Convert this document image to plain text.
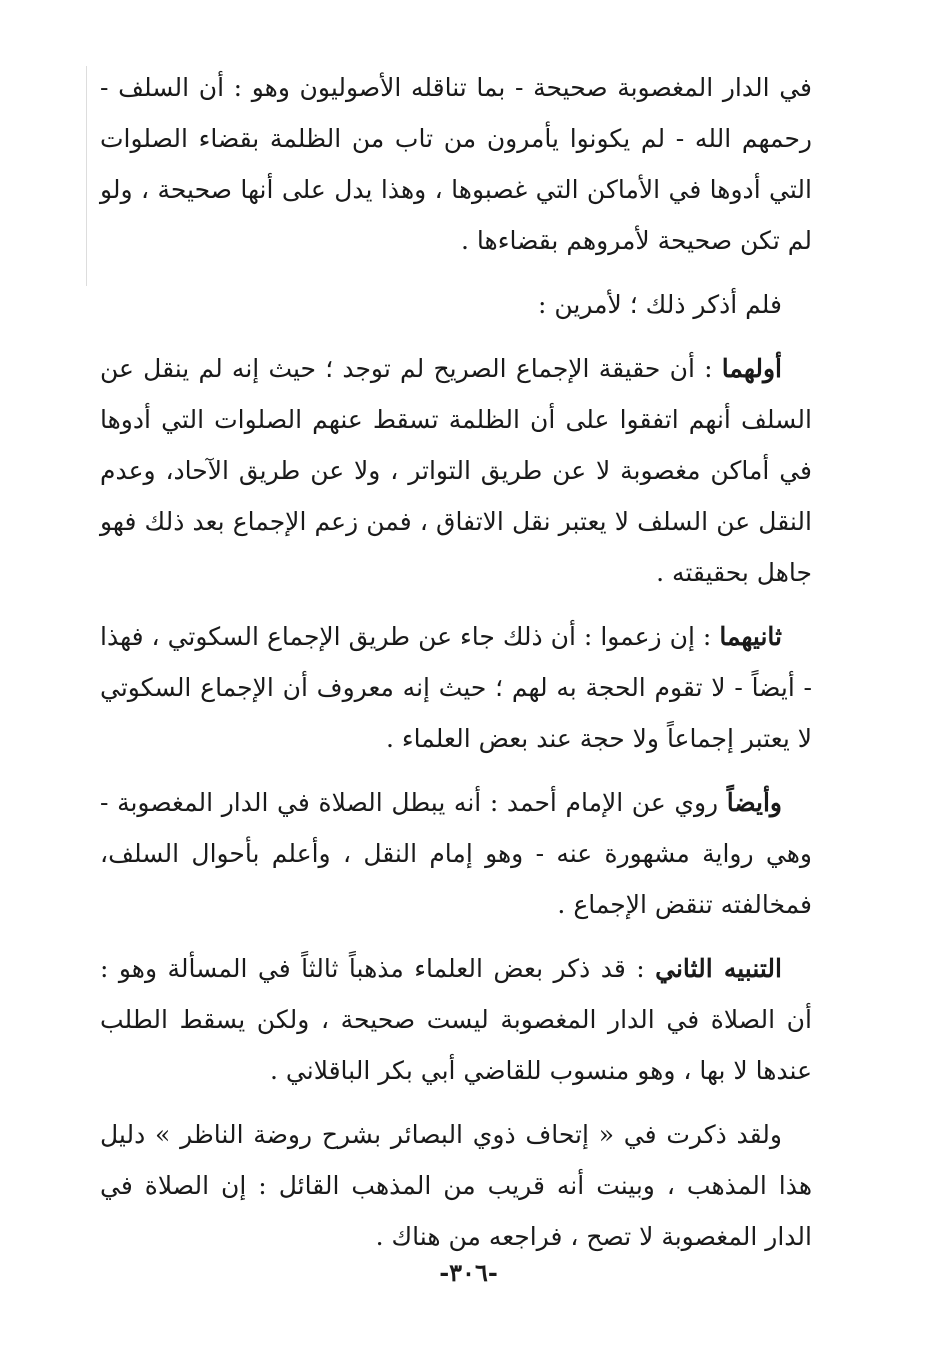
في الدار المغصوبة صحيحة - بما تناقله الأصوليون وهو : أن السلف - رحمهم الله - لم يكونوا يأمرون من تاب من الظلمة بقضاء الصلوات التي أدوها في الأماكن التي غصبوها ، وهذا يدل على أنها صحيحة ، ولو لم تكن صحيحة لأمروهم بقضاءها .

فلم أذكر ذلك ؛ لأمرين :

أولهما : أن حقيقة الإجماع الصريح لم توجد ؛ حيث إنه لم ينقل عن السلف أنهم اتفقوا على أن الظلمة تسقط عنهم الصلوات التي أدوها في أماكن مغصوبة لا عن طريق التواتر ، ولا عن طريق الآحاد، وعدم النقل عن السلف لا يعتبر نقل الاتفاق ، فمن زعم الإجماع بعد ذلك فهو جاهل بحقيقته .

ثانيهما : إن زعموا : أن ذلك جاء عن طريق الإجماع السكوتي ، فهذا - أيضاً - لا تقوم الحجة به لهم ؛ حيث إنه معروف أن الإجماع السكوتي لا يعتبر إجماعاً ولا حجة عند بعض العلماء .

وأيضاً روي عن الإمام أحمد : أنه يبطل الصلاة في الدار المغصوبة - وهي رواية مشهورة عنه - وهو إمام النقل ، وأعلم بأحوال السلف، فمخالفته تنقض الإجماع .

التنبيه الثاني : قد ذكر بعض العلماء مذهباً ثالثاً في المسألة وهو : أن الصلاة في الدار المغصوبة ليست صحيحة ، ولكن يسقط الطلب عندها لا بها ، وهو منسوب للقاضي أبي بكر الباقلاني .

ولقد ذكرت في « إتحاف ذوي البصائر بشرح روضة الناظر » دليل هذا المذهب ، وبينت أنه قريب من المذهب القائل : إن الصلاة في الدار المغصوبة لا تصح ، فراجعه من هناك .

-٣٠٦-
